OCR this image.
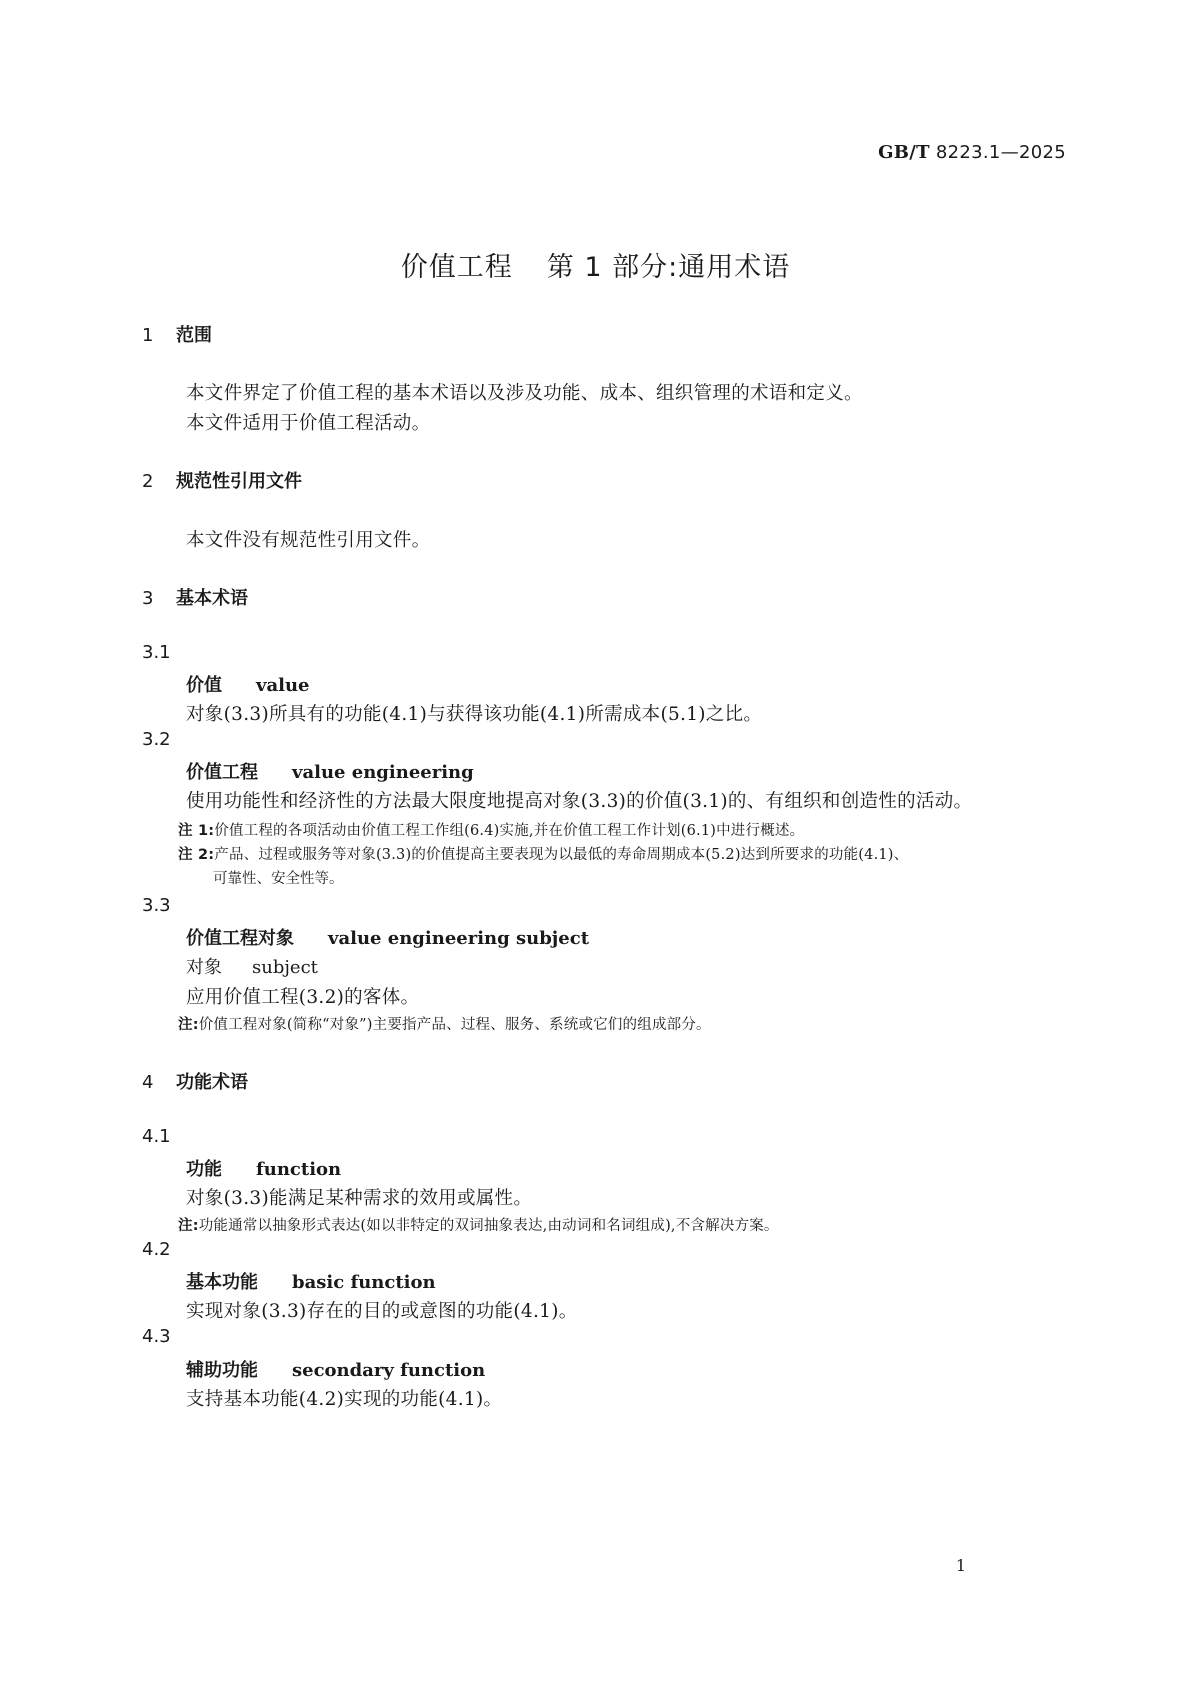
GB/T 8223.1—2025
价值工程 第 1 部分:通用术语
1 范围
本文件界定了价值工程的基本术语以及涉及功能、成本、组织管理的术语和定义。
本文件适用于价值工程活动。
2 规范性引用文件
本文件没有规范性引用文件。
3 基本术语
3.1
价值 value
对象(3.3)所具有的功能(4.1)与获得该功能(4.1)所需成本(5.1)之比。
3.2
价值工程 value engineering
使用功能性和经济性的方法最大限度地提高对象(3.3)的价值(3.1)的、有组织和创造性的活动。
注 1:价值工程的各项活动由价值工程工作组(6.4)实施,并在价值工程工作计划(6.1)中进行概述。
注 2:产品、过程或服务等对象(3.3)的价值提高主要表现为以最低的寿命周期成本(5.2)达到所要求的功能(4.1)、
可靠性、安全性等。
3.3
价值工程对象 value engineering subject
对象 subject
应用价值工程(3.2)的客体。
注:价值工程对象(简称“对象”)主要指产品、过程、服务、系统或它们的组成部分。
4 功能术语
4.1
功能 function
对象(3.3)能满足某种需求的效用或属性。
注:功能通常以抽象形式表达(如以非特定的双词抽象表达,由动词和名词组成),不含解决方案。
4.2
基本功能 basic function
实现对象(3.3)存在的目的或意图的功能(4.1)。
4.3
辅助功能 secondary function
支持基本功能(4.2)实现的功能(4.1)。
1
